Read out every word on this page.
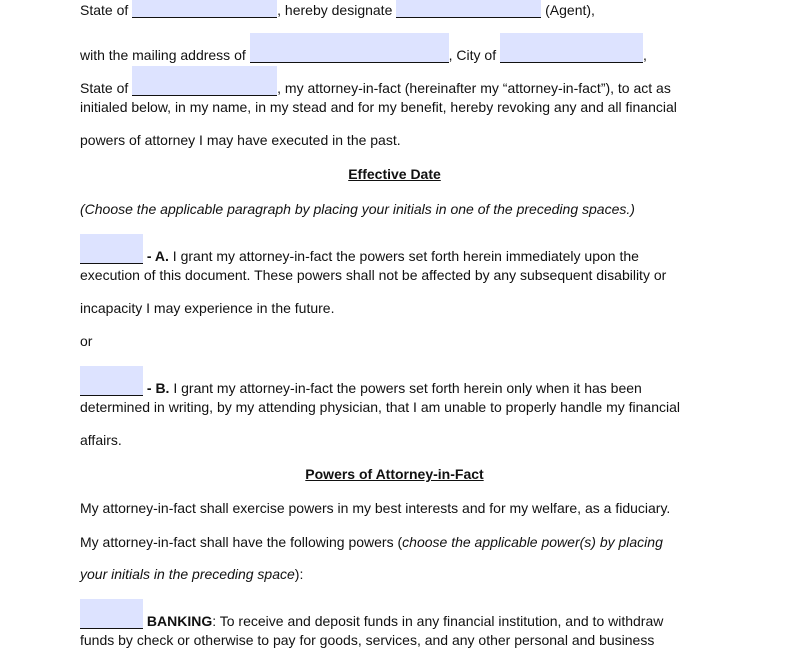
State of	, hereby designate	(Agent),
with the mailing address of	, City of	,
State of	, my attorney-in-fact (hereinafter my “attorney-in-fact”), to act as
initialed below, in my name, in my stead and for my benefit, hereby revoking any and all financial
powers of attorney I may have executed in the past.
Effective Date
(Choose the applicable paragraph by placing your initials in one of the preceding spaces.)
- A. I grant my attorney-in-fact the powers set forth herein immediately upon the
execution of this document. These powers shall not be affected by any subsequent disability or
incapacity I may experience in the future.
or
- B. I grant my attorney-in-fact the powers set forth herein only when it has been
determined in writing, by my attending physician, that I am unable to properly handle my financial
affairs.
Powers of Attorney-in-Fact
My attorney-in-fact shall exercise powers in my best interests and for my welfare, as a fiduciary.
My attorney-in-fact shall have the following powers (choose the applicable power(s) by placing
your initials in the preceding space):
BANKING: To receive and deposit funds in any financial institution, and to withdraw
funds by check or otherwise to pay for goods, services, and any other personal and business
